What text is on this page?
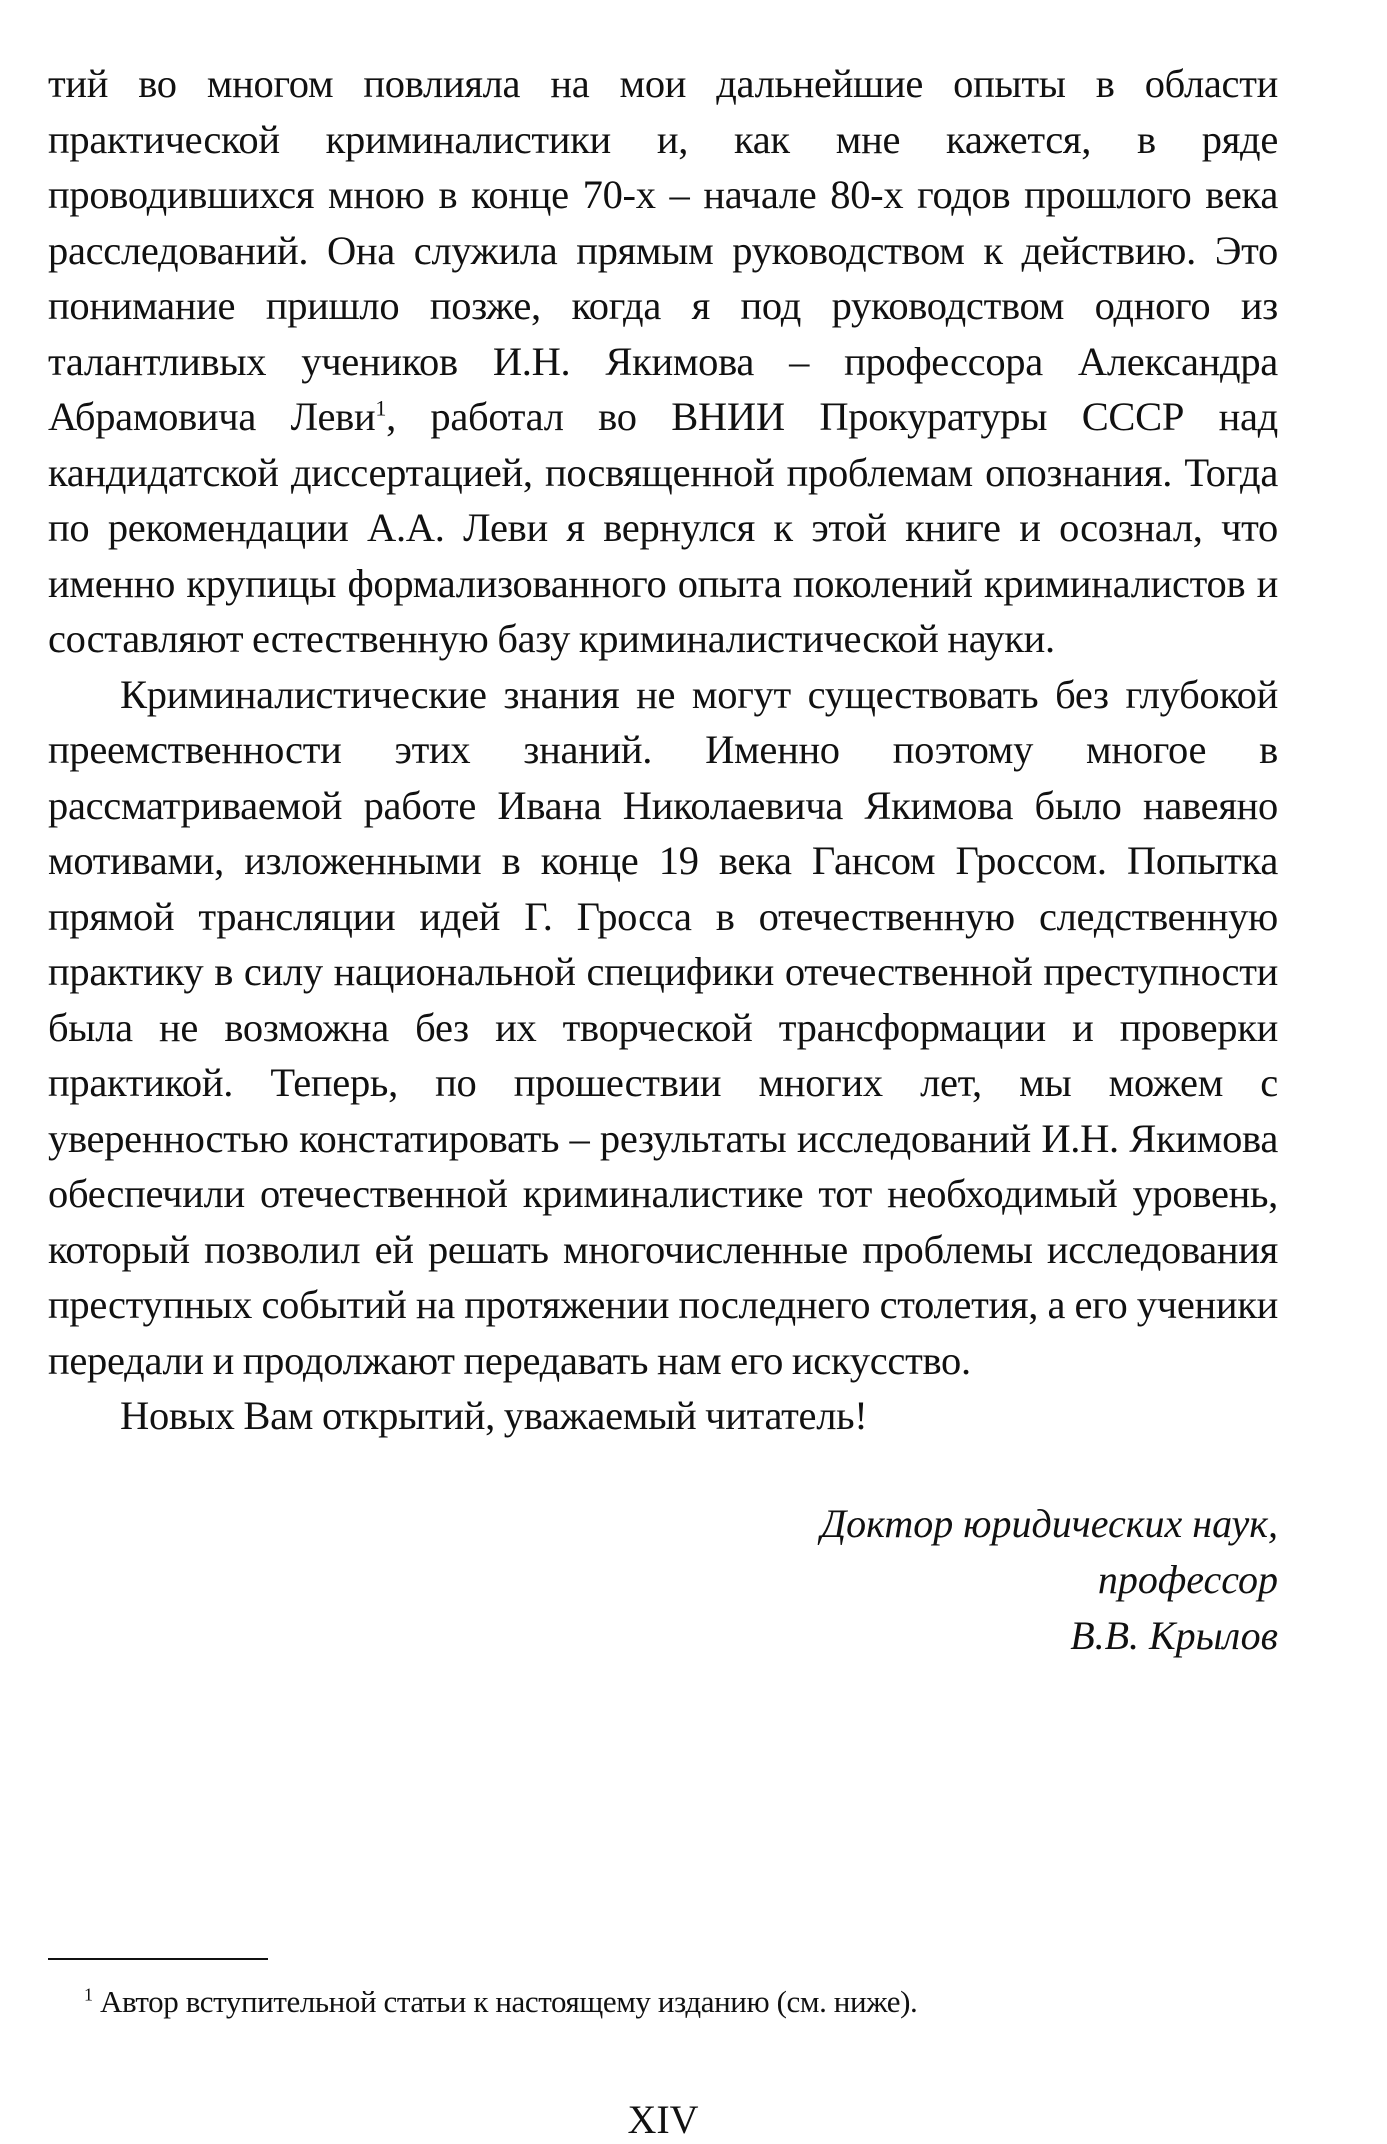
тий во многом повлияла на мои дальнейшие опыты в области практической криминалистики и, как мне кажется, в ряде проводившихся мною в конце 70-х – начале 80-х годов прошлого века расследований. Она служила прямым руководством к действию. Это понимание пришло позже, когда я под руководством одного из талантливых учеников И.Н. Якимова – профессора Александра Абрамовича Леви$^1$, работал во ВНИИ Прокуратуры СССР над кандидатской диссертацией, посвященной проблемам опознания. Тогда по рекомендации А.А. Леви я вернулся к этой книге и осознал, что именно крупицы формализованного опыта поколений криминалистов и составляют естественную базу криминалистической науки.

Криминалистические знания не могут существовать без глубокой преемственности этих знаний. Именно поэтому многое в рассматриваемой работе Ивана Николаевича Якимова было навеяно мотивами, изложенными в конце 19 века Гансом Гроссом. Попытка прямой трансляции идей Г. Гросса в отечественную следственную практику в силу национальной специфики отечественной преступности была не возможна без их творческой трансформации и проверки практикой. Теперь, по прошествии многих лет, мы можем с уверенностью констатировать – результаты исследований И.Н. Якимова обеспечили отечественной криминалистике тот необходимый уровень, который позволил ей решать многочисленные проблемы исследования преступных событий на протяжении последнего столетия, а его ученики передали и продолжают передавать нам его искусство.

Новых Вам открытий, уважаемый читатель!

Доктор юридических наук,
профессор
В.В. Крылов
$^1$ Автор вступительной статьи к настоящему изданию (см. ниже).
XIV
